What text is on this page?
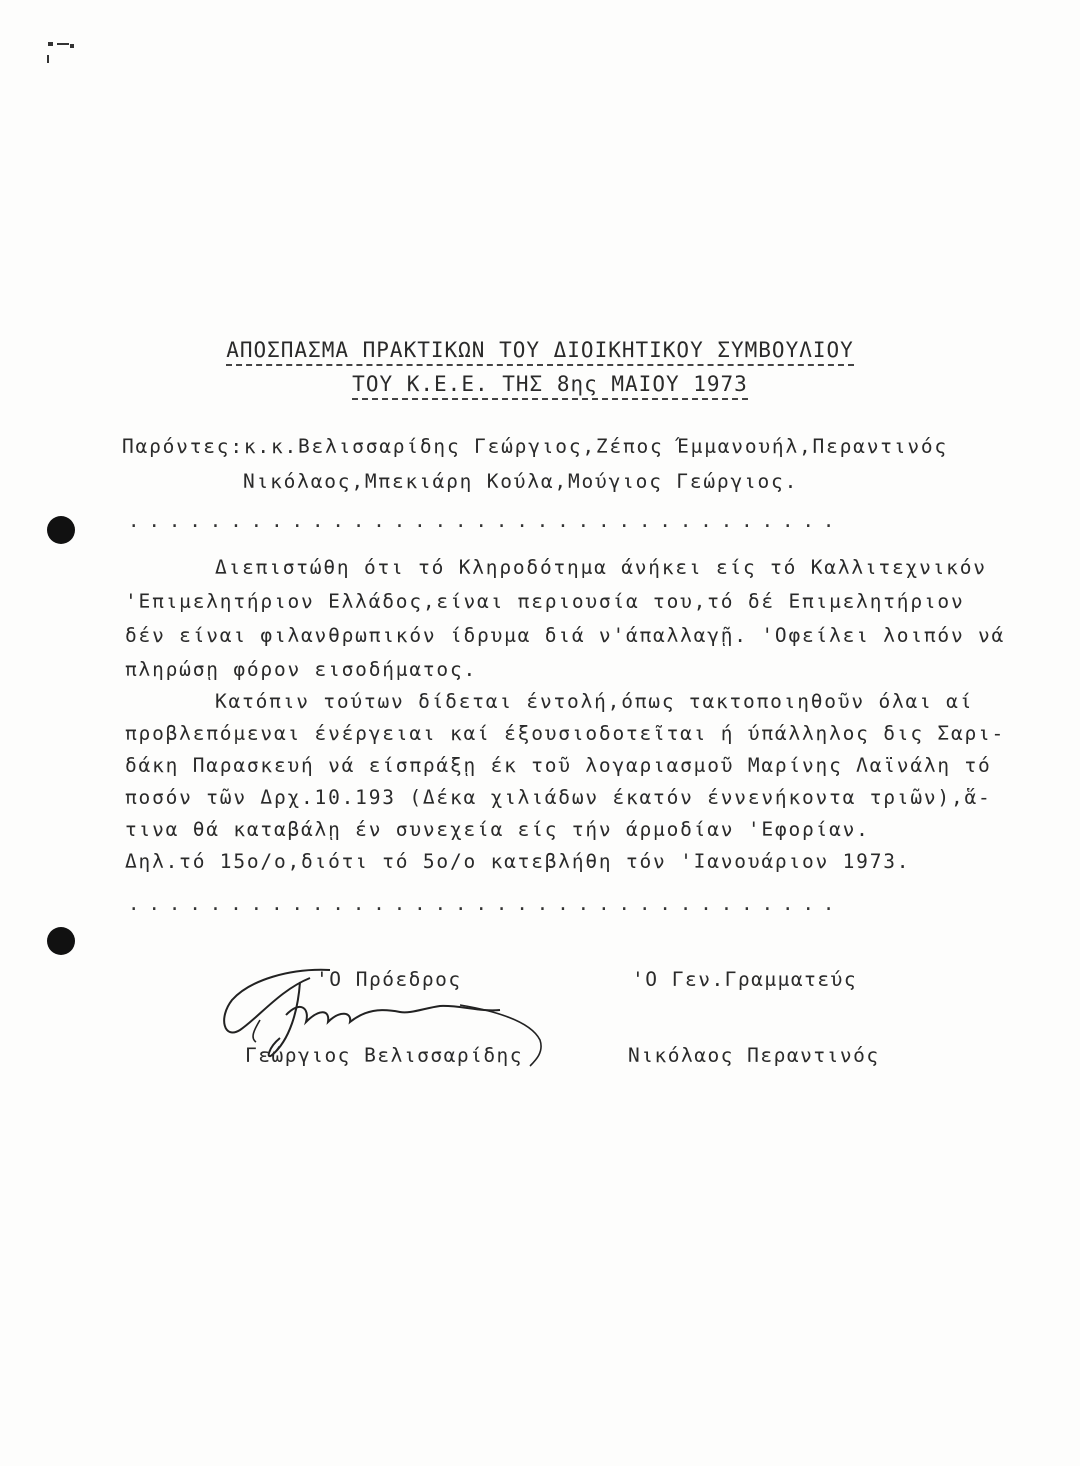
ΑΠΟΣΠΑΣΜΑ ΠΡΑΚΤΙΚΩΝ ΤΟΥ ΔΙΟΙΚΗΤΙΚΟΥ ΣΥΜΒΟΥΛΙΟΥ
ΤΟΥ Κ.Ε.Ε. ΤΗΣ 8ης ΜΑΙΟΥ 1973
Παρόντες:κ.κ.Βελισσαρίδης Γεώργιος,Ζέπος Έμμανουήλ,Περαντινός
Νικόλαος,Μπεκιάρη Κούλα,Μούγιος Γεώργιος.
...................................
Διεπιστώθη ότι τό Κληροδότημα άνήκει είς τό Καλλιτεχνικόν
'Επιμελητήριον Ελλάδος,είναι περιουσία του,τό δέ Επιμελητήριον
δέν είναι φιλανθρωπικόν ίδρυμα διά ν'άπαλλαγῇ. 'Οφείλει λοιπόν νά
πληρώσῃ φόρον εισοδήματος.
Κατόπιν τούτων δίδεται έντολή,όπως τακτοποιηθοῦν όλαι αί
προβλεπόμεναι ένέργειαι καί έξουσιοδοτεῖται ή ύπάλληλος δις Σαρι-
δάκη Παρασκευή νά είσπράξῃ έκ τοῦ λογαριασμοῦ Μαρίνης Λαϊνάλη τό
ποσόν τῶν Δρχ.10.193 (Δέκα χιλιάδων έκατόν έννενήκοντα τριῶν),ἅ-
τινα θά καταβάλῃ έν συνεχεία είς τήν άρμοδίαν 'Εφορίαν.
Δηλ.τό 15ο/ο,διότι τό 5ο/ο κατεβλήθη τόν 'Ιανουάριον 1973.
...................................
'Ο Πρόεδρος	'Ο Γεν.Γραμματεύς
Γεώργιος Βελισσαρίδης	Νικόλαος Περαντινός
